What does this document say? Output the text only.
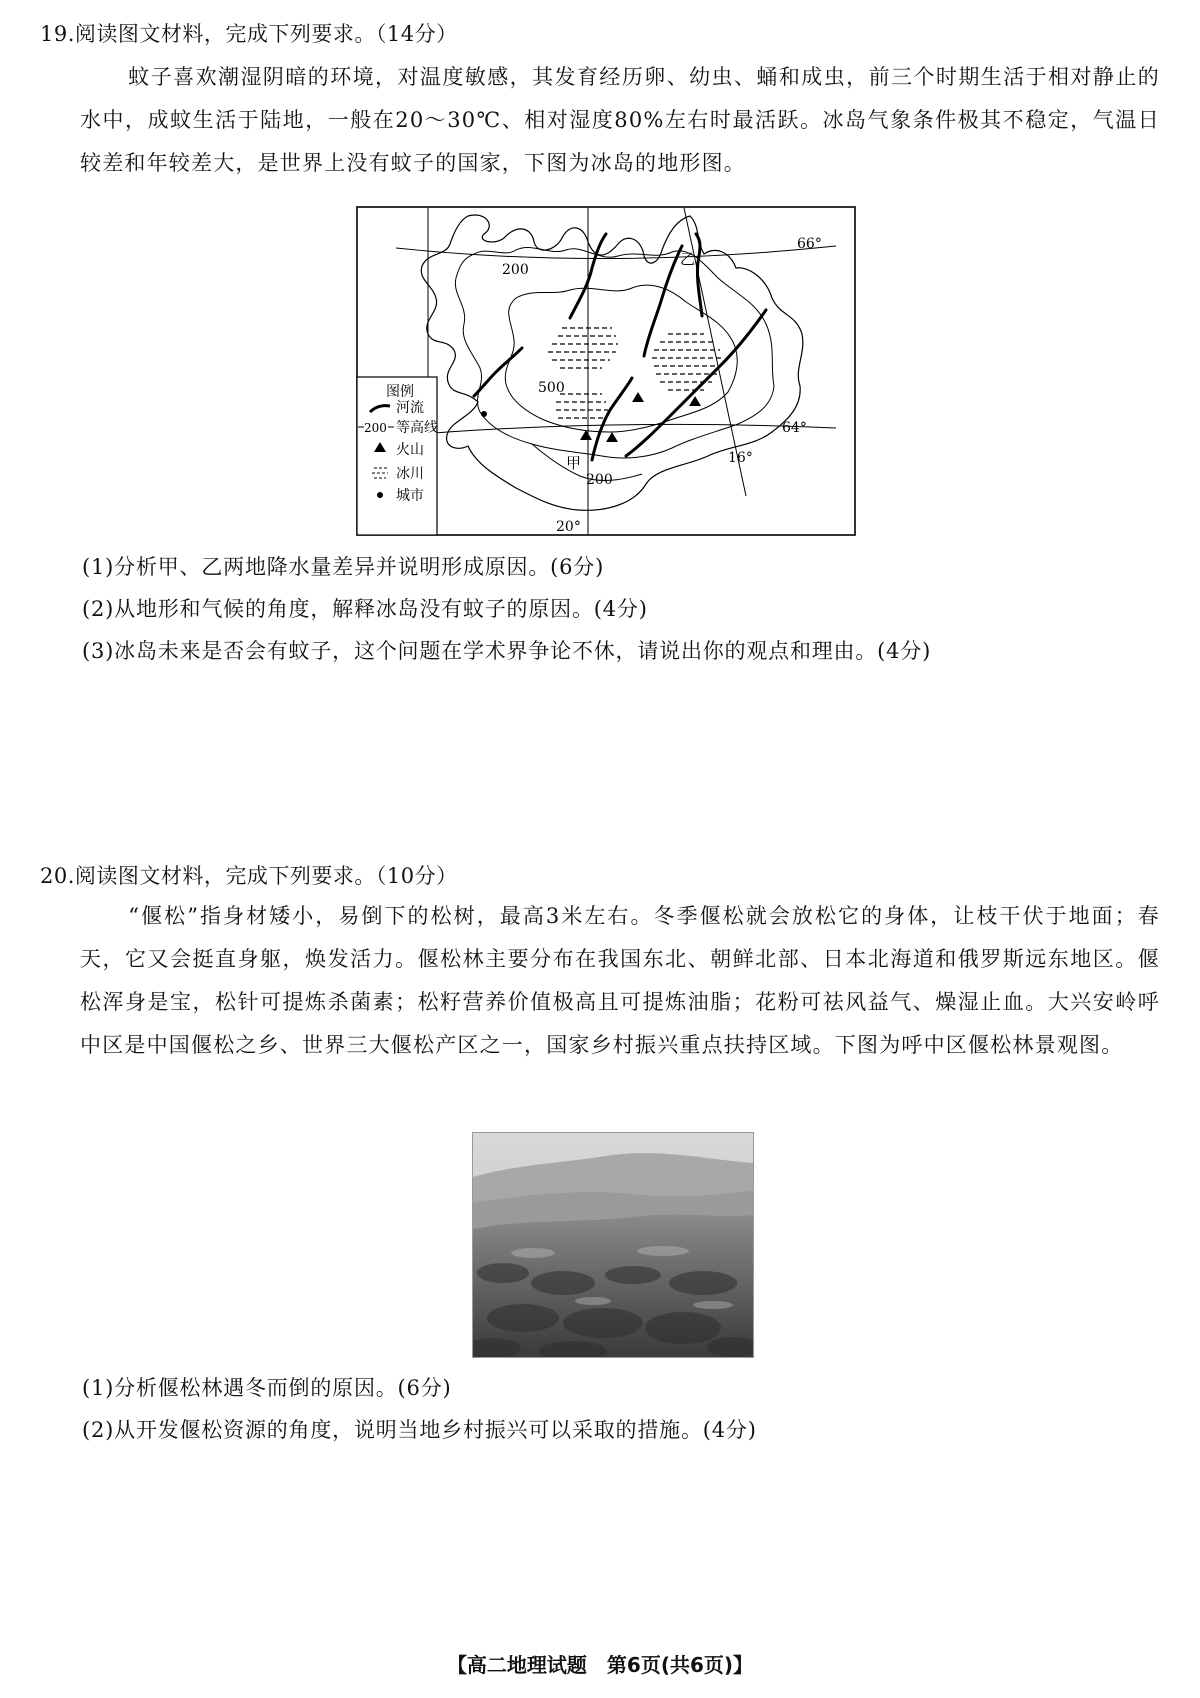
19.阅读图文材料，完成下列要求。（14分）
蚊子喜欢潮湿阴暗的环境，对温度敏感，其发育经历卵、幼虫、蛹和成虫，前三个时期生活于相对静止的水中，成蚊生活于陆地，一般在20～30℃、相对湿度80%左右时最活跃。冰岛气象条件极其不稳定，气温日较差和年较差大，是世界上没有蚊子的国家，下图为冰岛的地形图。
66°
64°
16°
20°
200
500
200
甲
乙
图例
河流
200 等高线
火山
冰川
城市
(1)分析甲、乙两地降水量差异并说明形成原因。(6分)
(2)从地形和气候的角度，解释冰岛没有蚊子的原因。(4分)
(3)冰岛未来是否会有蚊子，这个问题在学术界争论不休，请说出你的观点和理由。(4分)
20.阅读图文材料，完成下列要求。（10分）
“偃松”指身材矮小，易倒下的松树，最高3米左右。冬季偃松就会放松它的身体，让枝干伏于地面；春天，它又会挺直身躯，焕发活力。偃松林主要分布在我国东北、朝鲜北部、日本北海道和俄罗斯远东地区。偃松浑身是宝，松针可提炼杀菌素；松籽营养价值极高且可提炼油脂；花粉可祛风益气、燥湿止血。大兴安岭呼中区是中国偃松之乡、世界三大偃松产区之一，国家乡村振兴重点扶持区域。下图为呼中区偃松林景观图。
(1)分析偃松林遇冬而倒的原因。(6分)
(2)从开发偃松资源的角度，说明当地乡村振兴可以采取的措施。(4分)
【高二地理试题　第6页(共6页)】
